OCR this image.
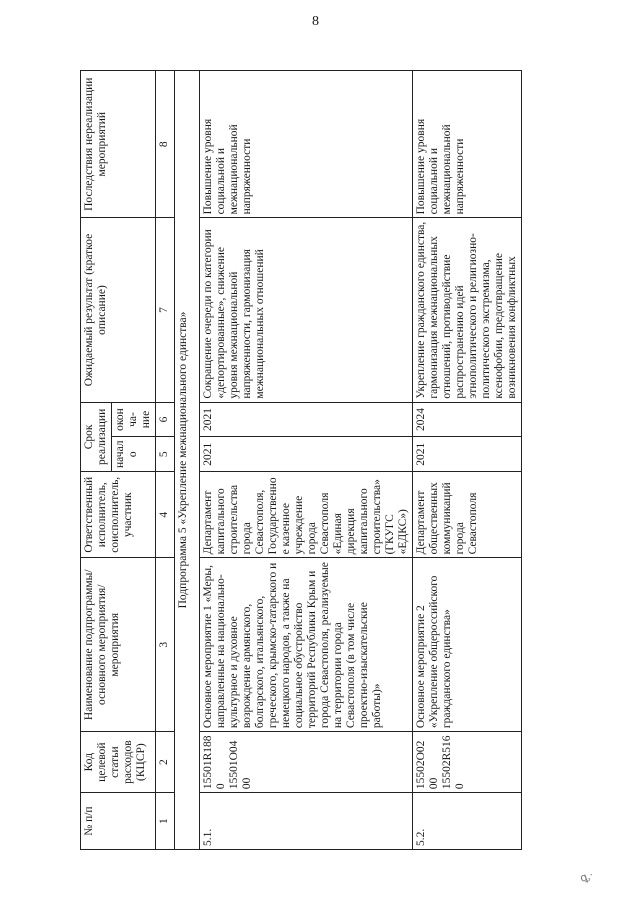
8
№ п/п	Код целевой статьи расходов (КЦСР)	Наименование подпрограммы/ основного мероприятия/ мероприятия	Ответственный исполнитель, соисполнитель, участник	Срок реализации		Ожидаемый результат (краткое описание)	Последствия нереализации мероприятий
				начало	оконча-ние		
1	2	3	4	5	6	7	8
Подпрограмма 5 «Укрепление межнационального единства»							
5.1.	15501R1880 15501O0400	Основное мероприятие 1 «Меры, направленные на национально-культурное и духовное возрождение армянского, болгарского, итальянского, греческого, крымско-татарского и немецкого народов, а также на социальное обустройство территорий Республики Крым и города Севастополя, реализуемые на территории города Севастополя (в том числе проектно-изыскательские работы)»	Департамент капитального строительства города Севастополя, Государственное казенное учреждение города Севастополя «Единая дирекция капитального строительства» (ГКУГС «ЕДКС»)	2021	2021	Сокращение очереди по категории «депортированные», снижение уровня межнациональной напряженности, гармонизация межнациональных отношений	Повышение уровня социальной и межнациональной напряженности
5.2.	15502O0200 15502R5160	Основное мероприятие 2 «Укрепление общероссийского гражданского единства»	Департамент общественных коммуникаций города Севастополя	2021	2024	Укрепление гражданского единства, гармонизация межнациональных отношений, противодействие распространению идей этнополитического и религиозно-политического экстремизма, ксенофобии, предотвращение возникновения конфликтных	Повышение уровня социальной и межнациональной напряженности
ꝗ,·
